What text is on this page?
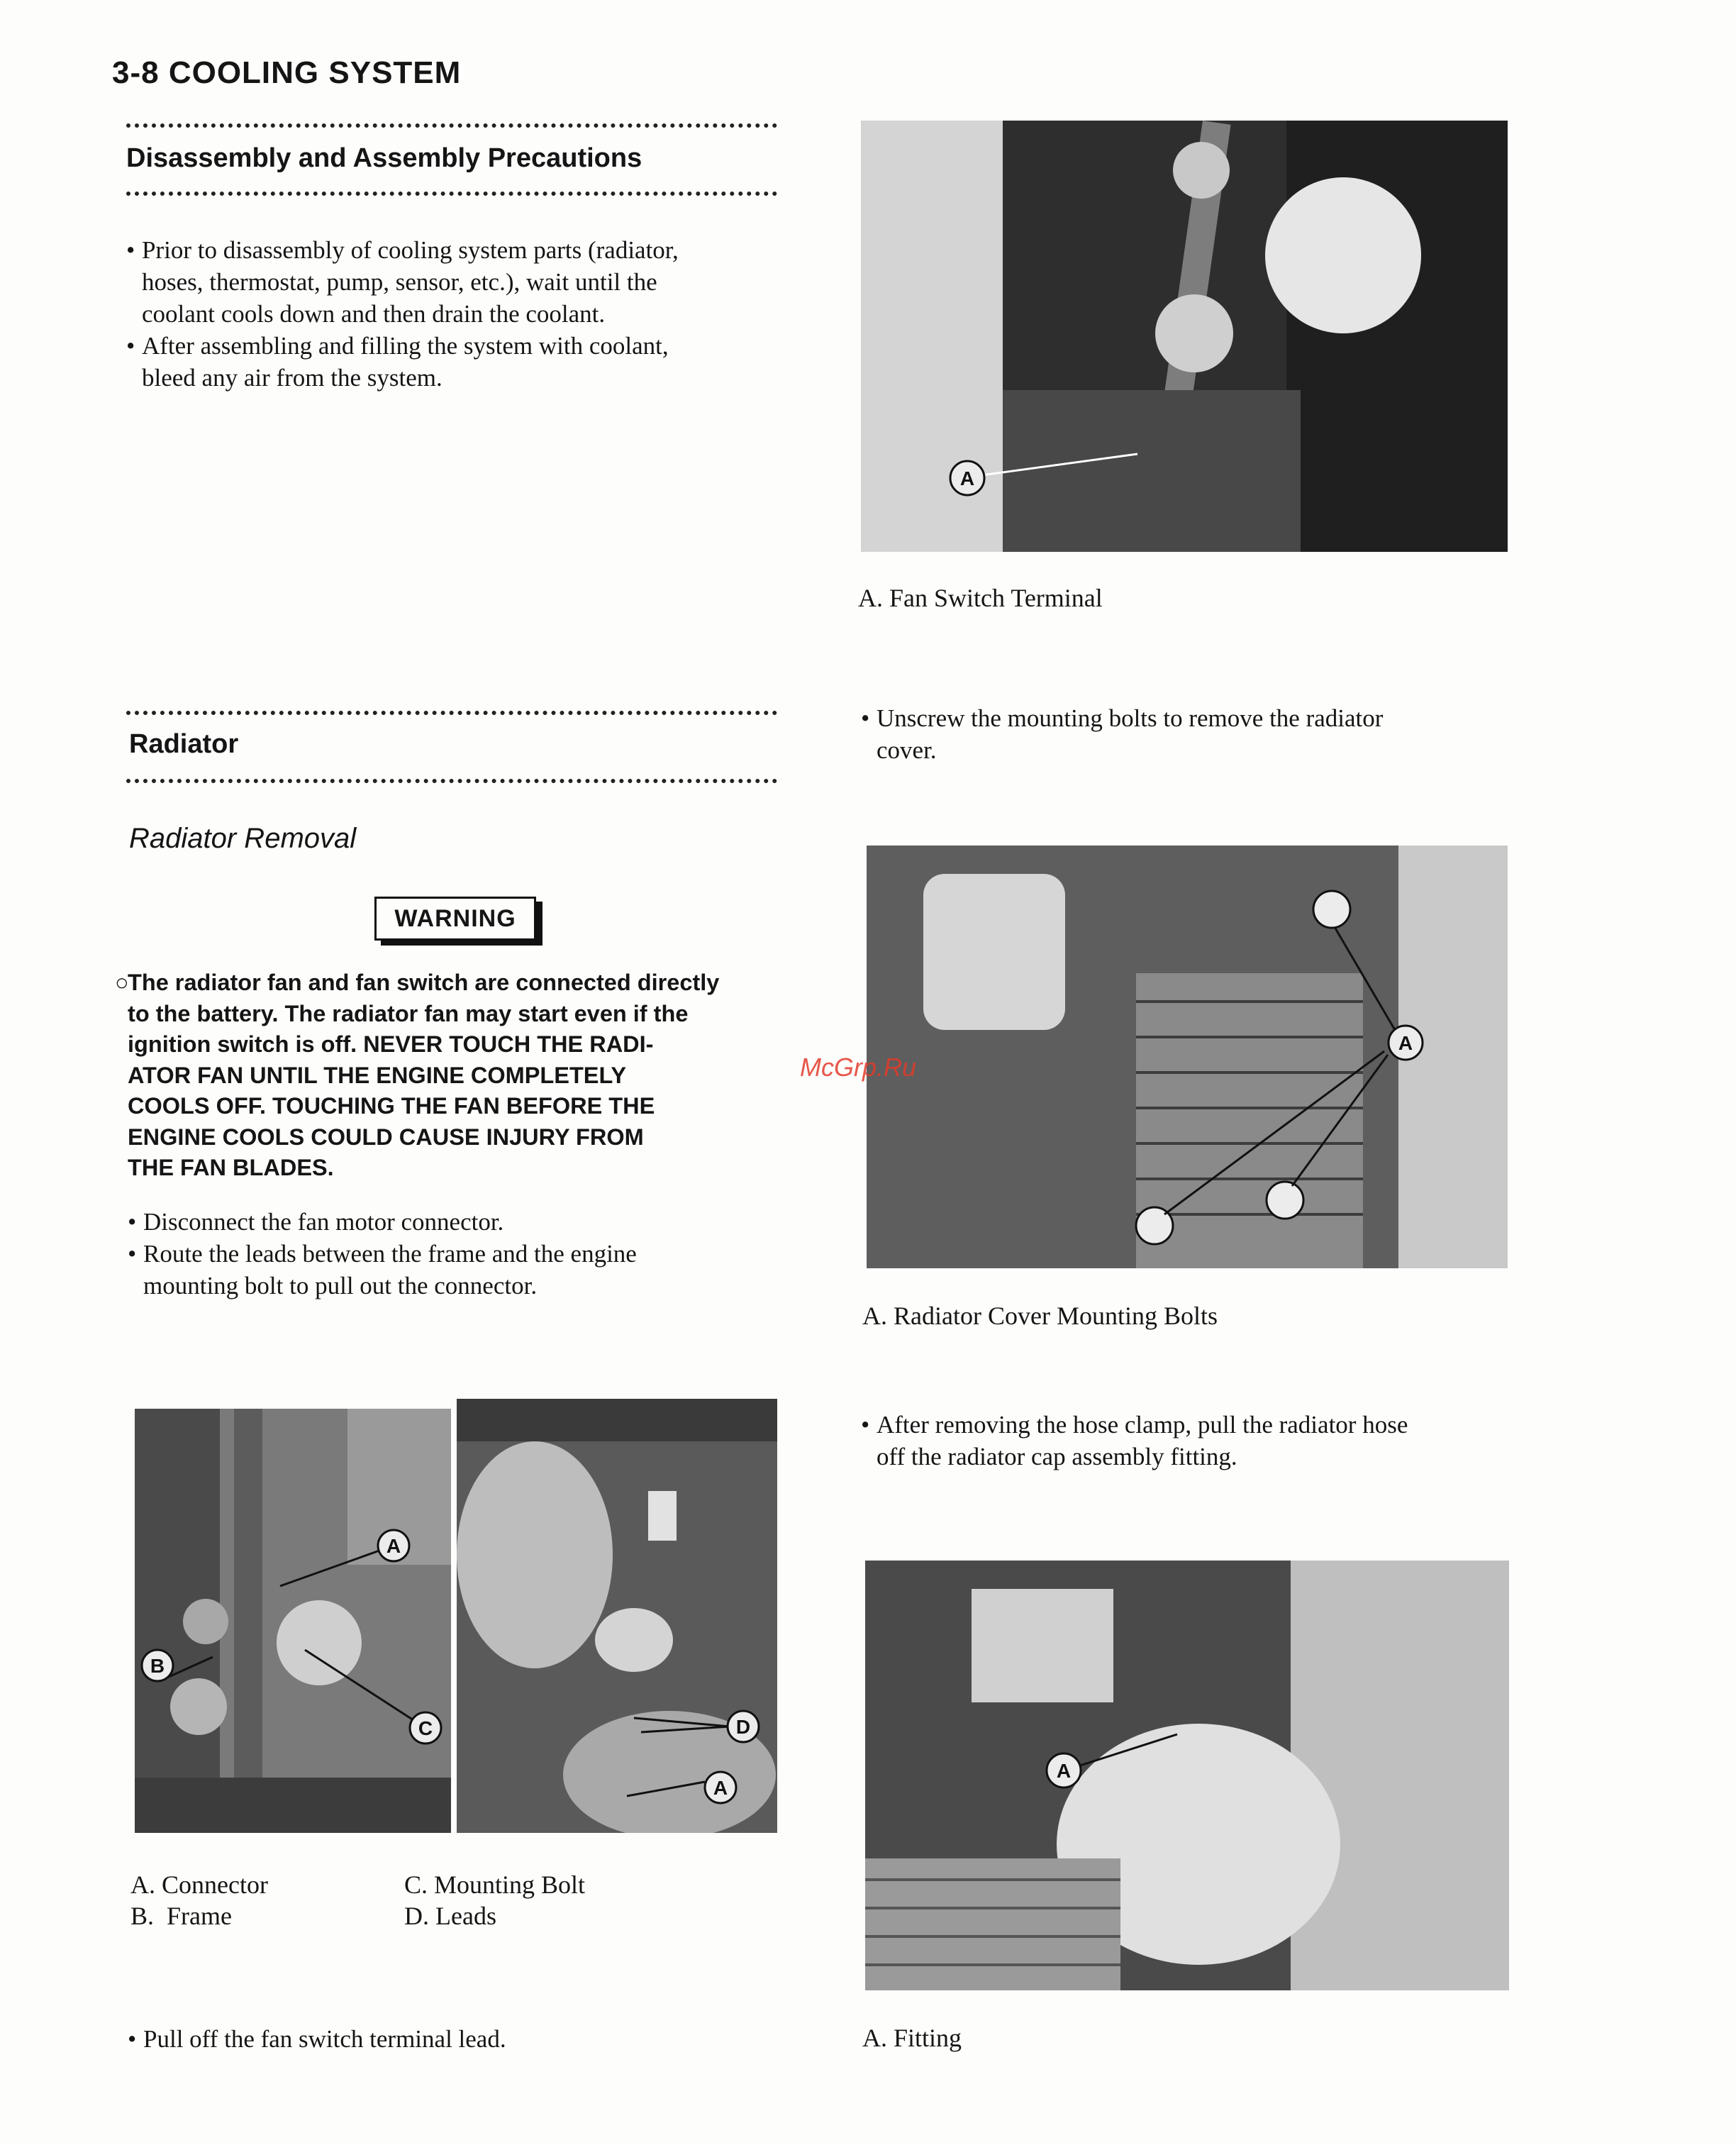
3-8 COOLING SYSTEM
Disassembly and Assembly Precautions
• Prior to disassembly of cooling system parts (radiator,
hoses, thermostat, pump, sensor, etc.), wait until the
coolant cools down and then drain the coolant.
• After assembling and filling the system with coolant,
bleed any air from the system.
Radiator
Radiator Removal
WARNING
○
The radiator fan and fan switch are connected directly
to the battery. The radiator fan may start even if the
ignition switch is off. NEVER TOUCH THE RADI-
ATOR FAN UNTIL THE ENGINE COMPLETELY
COOLS OFF. TOUCHING THE FAN BEFORE THE
ENGINE COOLS COULD CAUSE INJURY FROM
THE FAN BLADES.
• Disconnect the fan motor connector.
• Route the leads between the frame and the engine
mounting bolt to pull out the connector.
A
B
C	D
A
A. Connector
B.  Frame
C. Mounting Bolt
D. Leads
• Pull off the fan switch terminal lead.
A
A. Fan Switch Terminal
• Unscrew the mounting bolts to remove the radiator
cover.
A
A. Radiator Cover Mounting Bolts
• After removing the hose clamp, pull the radiator hose
off the radiator cap assembly fitting.
A
A. Fitting
McGrp.Ru
